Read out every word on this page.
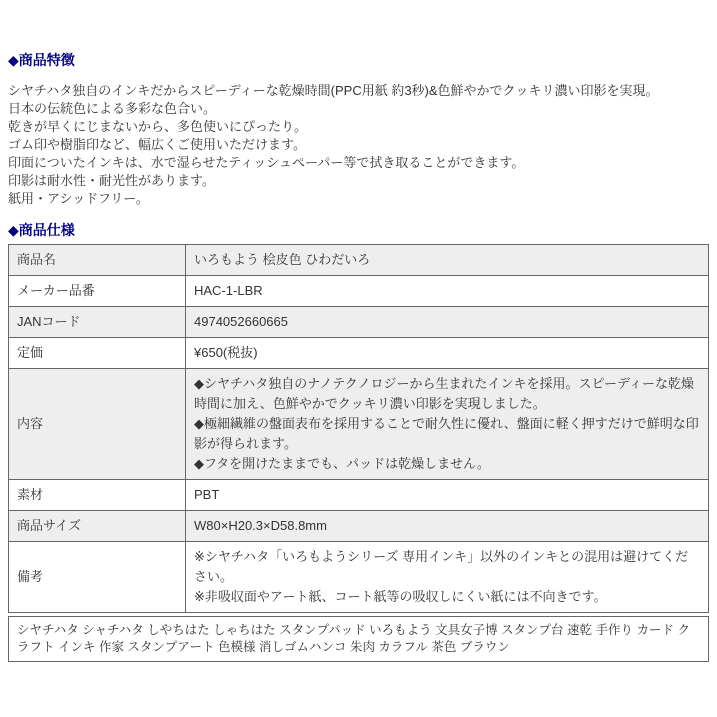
◆商品特徴
シヤチハタ独自のインキだからスピーディーな乾燥時間(PPC用紙 約3秒)&色鮮やかでクッキリ濃い印影を実現。
日本の伝統色による多彩な色合い。
乾きが早くにじまないから、多色使いにぴったり。
ゴム印や樹脂印など、幅広くご使用いただけます。
印面についたインキは、水で湿らせたティッシュペーパー等で拭き取ることができます。
印影は耐水性・耐光性があります。
紙用・アシッドフリー。
◆商品仕様
商品名	いろもよう 桧皮色 ひわだいろ

メーカー品番	HAC-1-LBR

JANコード	4974052660665

定価	¥650(税抜)

内容	◆シヤチハタ独自のナノテクノロジーから生まれたインキを採用。スピーディーな乾燥時間に加え、色鮮やかでクッキリ濃い印影を実現しました。
◆極細繊維の盤面表布を採用することで耐久性に優れ、盤面に軽く押すだけで鮮明な印影が得られます。
◆フタを開けたままでも、パッドは乾燥しません。

素材	PBT

商品サイズ	W80×H20.3×D58.8mm

備考	※シヤチハタ「いろもようシリーズ 専用インキ」以外のインキとの混用は避けてください。
※非吸収面やアート紙、コート紙等の吸収しにくい紙には不向きです。
シヤチハタ シャチハタ しやちはた しゃちはた スタンプパッド いろもよう 文具女子博 スタンプ台 速乾 手作り カード クラフト インキ 作家 スタンプアート 色模様 消しゴムハンコ 朱肉 カラフル 茶色 ブラウン
